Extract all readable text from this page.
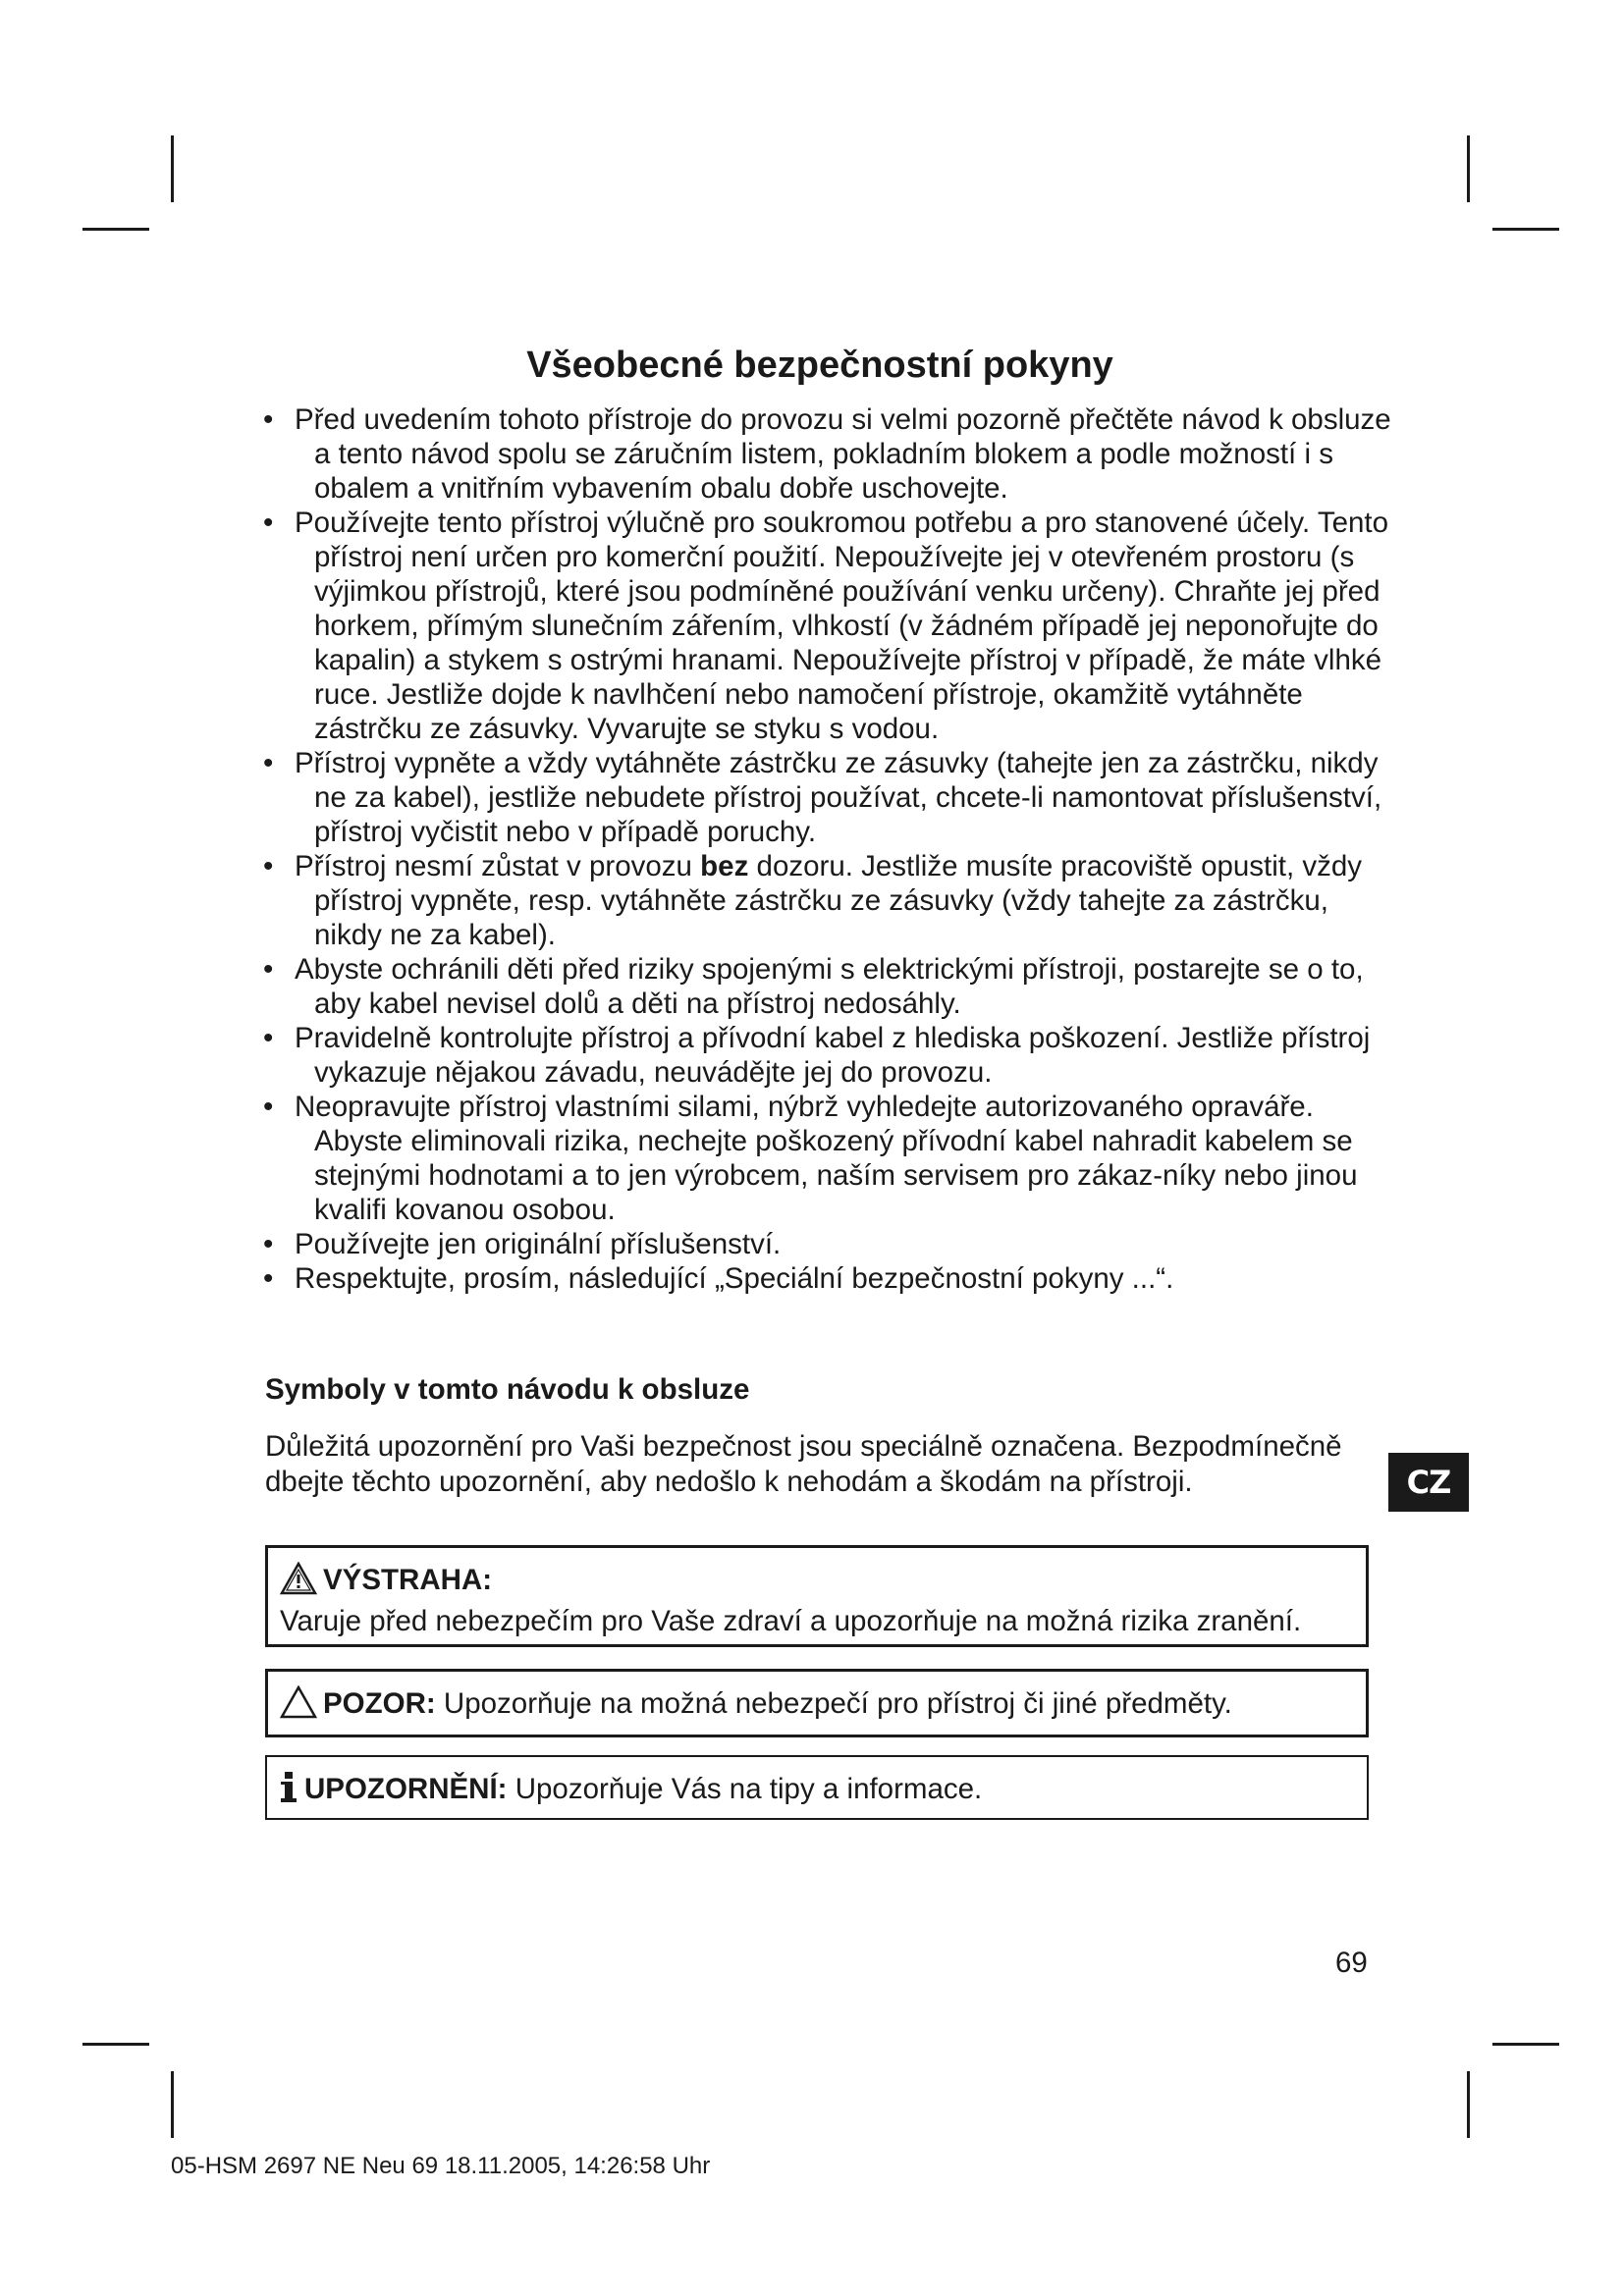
Všeobecné bezpečnostní pokyny
• Před uvedením tohoto přístroje do provozu si velmi pozorně přečtěte návod k obsluze a tento návod spolu se záručním listem, pokladním blokem a podle možností i s obalem a vnitřním vybavením obalu dobře uschovejte.
• Používejte tento přístroj výlučně pro soukromou potřebu a pro stanovené účely. Tento přístroj není určen pro komerční použití. Nepoužívejte jej v otevřeném prostoru (s výjimkou přístrojů, které jsou podmíněné používání venku určeny). Chraňte jej před horkem, přímým slunečním zářením, vlhkostí (v žádném případě jej neponořujte do kapalin) a stykem s ostrými hranami. Nepoužívejte přístroj v případě, že máte vlhké ruce. Jestliže dojde k navlhčení nebo namočení přístroje, okamžitě vytáhněte zástrčku ze zásuvky. Vyvarujte se styku s vodou.
• Přístroj vypněte a vždy vytáhněte zástrčku ze zásuvky (tahejte jen za zástrčku, nikdy ne za kabel), jestliže nebudete přístroj používat, chcete-li namontovat příslušenství, přístroj vyčistit nebo v případě poruchy.
• Přístroj nesmí zůstat v provozu bez dozoru. Jestliže musíte pracoviště opustit, vždy přístroj vypněte, resp. vytáhněte zástrčku ze zásuvky (vždy tahejte za zástrčku, nikdy ne za kabel).
• Abyste ochránili děti před riziky spojenými s elektrickými přístroji, postarejte se o to, aby kabel nevisel dolů a děti na přístroj nedosáhly.
• Pravidelně kontrolujte přístroj a přívodní kabel z hlediska poškození. Jestliže přístroj vykazuje nějakou závadu, neuvádějte jej do provozu.
• Neopravujte přístroj vlastními silami, nýbrž vyhledejte autorizovaného opraváře. Abyste eliminovali rizika, nechejte poškozený přívodní kabel nahradit kabelem se stejnými hodnotami a to jen výrobcem, naším servisem pro zákaz-níky nebo jinou kvalifi kovanou osobou.
• Používejte jen originální příslušenství.
• Respektujte, prosím, následující „Speciální bezpečnostní pokyny ...“.
Symboly v tomto návodu k obsluze

Důležitá upozornění pro Vaši bezpečnost jsou speciálně označena. Bezpodmínečně dbejte těchto upozornění, aby nedošlo k nehodám a škodám na přístroji.	CZ
VÝSTRAHA:
Varuje před nebezpečím pro Vaše zdraví a upozorňuje na možná rizika zranění.
POZOR: Upozorňuje na možná nebezpečí pro přístroj či jiné předměty.
UPOZORNĚNÍ: Upozorňuje Vás na tipy a informace.
69
05-HSM 2697 NE Neu 69 18.11.2005, 14:26:58 Uhr
